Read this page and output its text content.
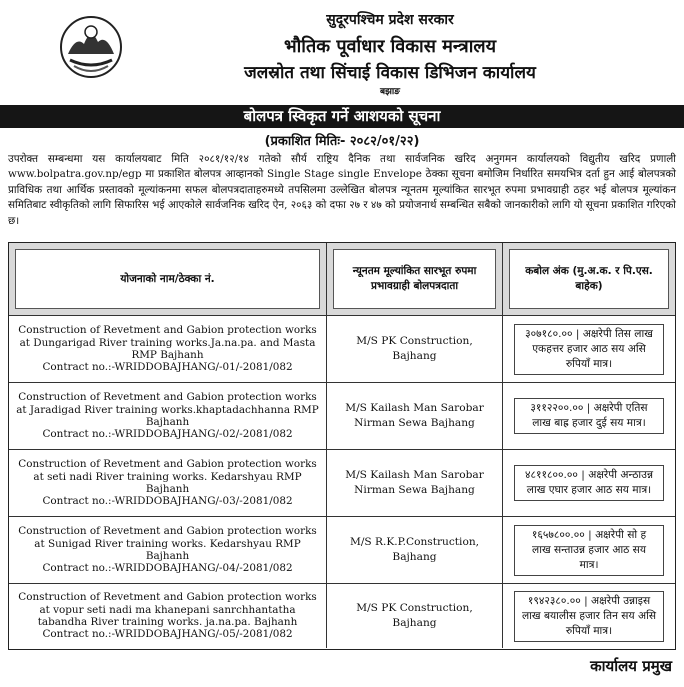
सुदूरपश्चिम प्रदेश सरकार
भौतिक पूर्वाधार विकास मन्त्रालय
जलस्रोत तथा सिंचाई विकास डिभिजन कार्यालय
बझाङ
बोलपत्र स्विकृत गर्ने आशयको सूचना
(प्रकाशित मितिः- २०८२/०१/२२)
उपरोक्त सम्बन्धमा यस कार्यालयबाट मिति २०८१/१२/१४ गतेको सौर्य राष्ट्रिय दैनिक तथा सार्वजनिक खरिद अनुगमन कार्यालयको विद्युतीय खरिद प्रणाली www.bolpatra.gov.np/egp मा प्रकाशित बोलपत्र आव्हानको Single Stage single Envelope ठेक्का सूचना बमोजिम निर्धारित समयभित्र दर्ता हुन आई बोलपत्रको प्राविधिक तथा आर्थिक प्रस्तावको मूल्यांकनमा सफल बोलपत्रदाताहरुमध्ये तपसिलमा उल्लेखित बोलपत्र न्यूनतम मूल्यांकित सारभूत रुपमा प्रभावग्राही ठहर भई बोलपत्र मूल्यांकन समितिबाट स्वीकृतिको लागि सिफारिस भई आएकोले सार्वजनिक खरिद ऐन, २०६३ को दफा २७ र ४७ को प्रयोजनार्थ सम्बन्धित सबैको जानकारीको लागि यो सूचना प्रकाशित गरिएको छ।
योजनाको नाम/ठेक्का नं.
न्यूनतम मूल्यांकित सारभूत रुपमा प्रभावग्राही बोलपत्रदाता
कबोल अंक (मु.अ.क. र पि.एस. बाहेक)
Construction of Revetment and Gabion protection works at Dungarigad River training works.Ja.na.pa. and Masta RMP Bajhanh
Contract no.:-WRIDDOBAJHANG/-01/-2081/082
M/S PK Construction, Bajhang
३०७१८०.०० | अक्षरेपी तिस लाख एकहत्तर हजार आठ सय असि रुपियाँ मात्र।
Construction of Revetment and Gabion protection works at Jaradigad River training works.khaptadachhanna RMP Bajhanh
Contract no.:-WRIDDOBAJHANG/-02/-2081/082
M/S Kailash Man Sarobar Nirman Sewa Bajhang
३११२२००.०० | अक्षरेपी एतिस लाख बाह्र हजार दुई सय मात्र।
Construction of Revetment and Gabion protection works at seti nadi River training works. Kedarshyau RMP Bajhanh
Contract no.:-WRIDDOBAJHANG/-03/-2081/082
M/S Kailash Man Sarobar Nirman Sewa Bajhang
४८११८००.०० | अक्षरेपी अन्ठाउन्न लाख एघार हजार आठ सय मात्र।
Construction of Revetment and Gabion protection works at Sunigad River training works. Kedarshyau RMP Bajhanh
Contract no.:-WRIDDOBAJHANG/-04/-2081/082
M/S R.K.P.Construction, Bajhang
१६५७८००.०० | अक्षरेपी सो ह लाख सन्ताउन्न हजार आठ सय मात्र।
Construction of Revetment and Gabion protection works at vopur seti nadi ma khanepani sanrchhantatha tabandha River training works. ja.na.pa. Bajhanh
Contract no.:-WRIDDOBAJHANG/-05/-2081/082
M/S PK Construction, Bajhang
१९४२३८०.०० | अक्षरेपी उन्नाइस लाख बयालीस हजार तिन सय असि रुपियाँ मात्र।
कार्यालय प्रमुख
